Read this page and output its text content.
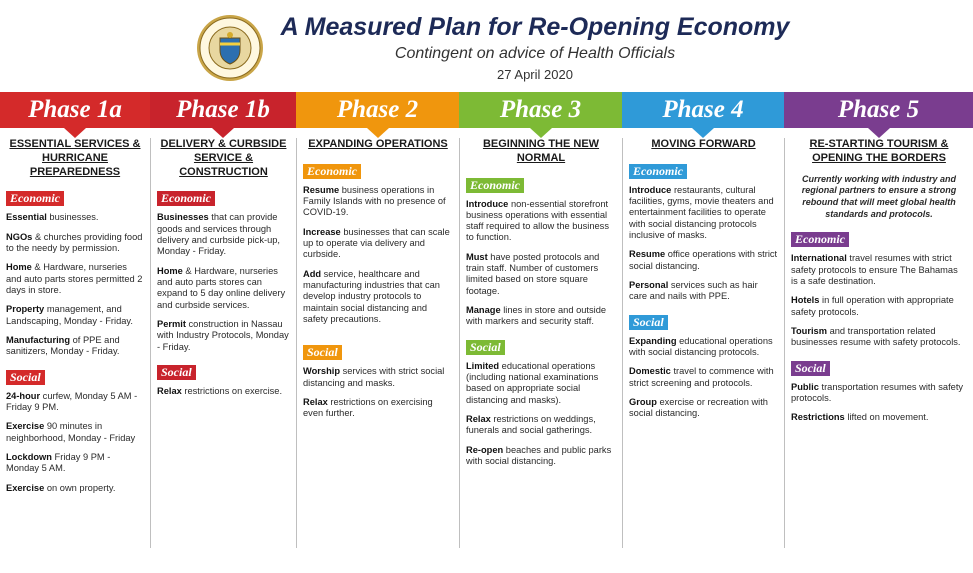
A Measured Plan for Re-Opening Economy
Contingent on advice of Health Officials
27 April 2020
Phase 1a	Phase 1b	Phase 2	Phase 3	Phase 4	Phase 5
ESSENTIAL SERVICES & HURRICANE PREPAREDNESS
Economic
Essential businesses.
NGOs & churches providing food to the needy by permission.
Home & Hardware, nurseries and auto parts stores permitted 2 days in store.
Property management, and Landscaping, Monday - Friday.
Manufacturing of PPE and sanitizers, Monday - Friday.
Social
24-hour curfew, Monday 5 AM - Friday 9 PM.
Exercise 90 minutes in neighborhood, Monday - Friday
Lockdown Friday 9 PM - Monday 5 AM.
Exercise on own property.
DELIVERY & CURBSIDE SERVICE & CONSTRUCTION
Economic
Businesses that can provide goods and services through delivery and curbside pick-up, Monday - Friday.
Home & Hardware, nurseries and auto parts stores can expand to 5 day online delivery and curbside services.
Permit construction in Nassau with Industry Protocols, Monday - Friday.
Social
Relax restrictions on exercise.
EXPANDING OPERATIONS
Economic
Resume business operations in Family Islands with no presence of COVID-19.
Increase businesses that can scale up to operate via delivery and curbside.
Add service, healthcare and manufacturing industries that can develop industry protocols to maintain social distancing and safety precautions.
Social
Worship services with strict social distancing and masks.
Relax restrictions on exercising even further.
BEGINNING THE NEW NORMAL
Economic
Introduce non-essential storefront business operations with essential staff required to allow the business to function.
Must have posted protocols and train staff. Number of customers limited based on store square footage.
Manage lines in store and outside with markers and security staff.
Social
Limited educational operations (including national examinations based on appropriate social distancing and masks).
Relax restrictions on weddings, funerals and social gatherings.
Re-open beaches and public parks with social distancing.
MOVING FORWARD
Economic
Introduce restaurants, cultural facilities, gyms, movie theaters and entertainment facilities to operate with social distancing protocols inclusive of masks.
Resume office operations with strict social distancing.
Personal services such as hair care and nails with PPE.
Social
Expanding educational operations with social distancing protocols.
Domestic travel to commence with strict screening and protocols.
Group exercise or recreation with social distancing.
RE-STARTING TOURISM & OPENING THE BORDERS
Currently working with industry and regional partners to ensure a strong rebound that will meet global health standards and protocols.
Economic
International travel resumes with strict safety protocols to ensure The Bahamas is a safe destination.
Hotels in full operation with appropriate safety protocols.
Tourism and transportation related businesses resume with safety protocols.
Social
Public transportation resumes with safety protocols.
Restrictions lifted on movement.
